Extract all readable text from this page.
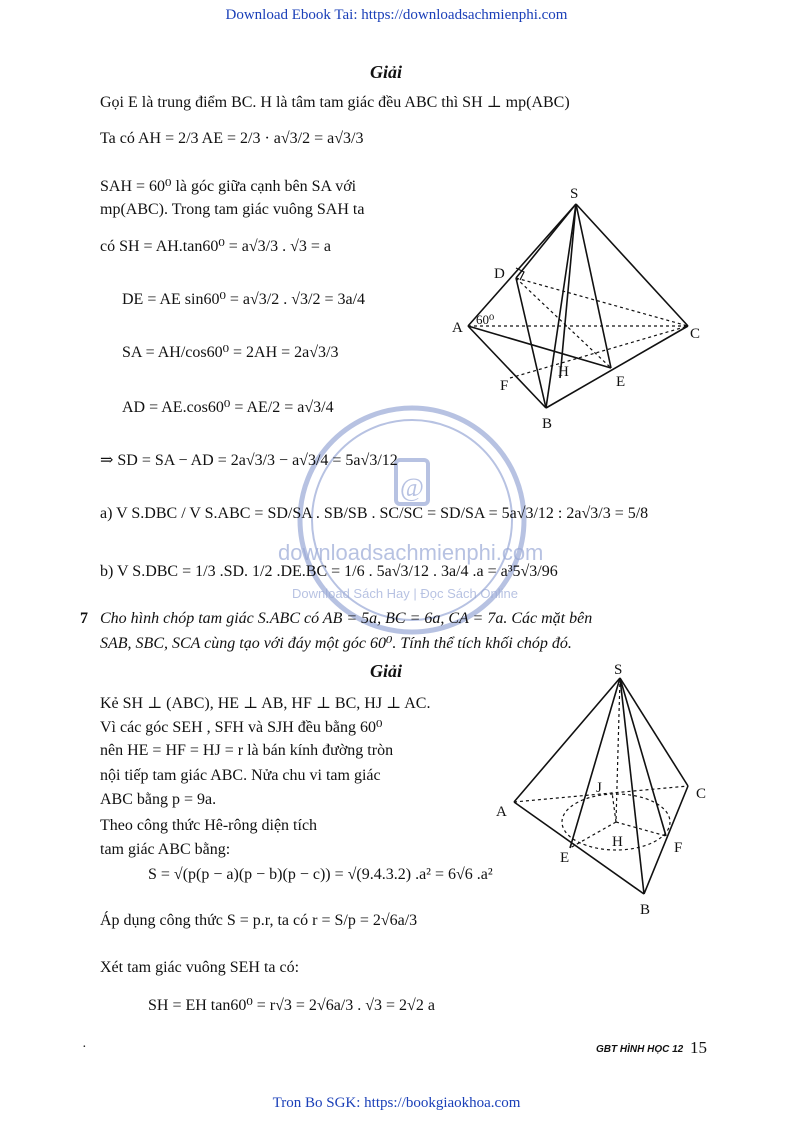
Download Ebook Tai: https://downloadsachmienphi.com
@
downloadsachmienphi.com
Download Sách Hay | Đọc Sách Online
Giải
Gọi E là trung điểm BC. H là tâm tam giác đều ABC thì SH ⊥ mp(ABC)
Ta có AH = 2/3 AE = 2/3 · a√3/2 = a√3/3
SAH = 60⁰ là góc giữa cạnh bên SA với
mp(ABC). Trong tam giác vuông SAH ta
có SH = AH.tan60⁰ = a√3/3 . √3 = a
DE = AE sin60⁰ = a√3/2 . √3/2 = 3a/4
SA = AH/cos60⁰ = 2AH = 2a√3/3
AD = AE.cos60⁰ = AE/2 = a√3/4
⇒ SD = SA − AD = 2a√3/3 − a√3/4 = 5a√3/12
a) V S.DBC / V S.ABC = SD/SA . SB/SB . SC/SC = SD/SA = 5a√3/12 : 2a√3/3 = 5/8
b) V S.DBC = 1/3 .SD. 1/2 .DE.BC = 1/6 . 5a√3/12 . 3a/4 .a = a³5√3/96
S
D
A
60⁰
C
F
H
E
B
7 Cho hình chóp tam giác S.ABC có AB = 5a, BC = 6a, CA = 7a. Các mặt bên
SAB, SBC, SCA cùng tạo với đáy một góc 60⁰. Tính thể tích khối chóp đó.
Giải
Kẻ SH ⊥ (ABC), HE ⊥ AB, HF ⊥ BC, HJ ⊥ AC.
Vì các góc SEH , SFH và SJH đều bằng 60⁰
nên HE = HF = HJ = r là bán kính đường tròn
nội tiếp tam giác ABC. Nửa chu vi tam giác
ABC bằng p = 9a.
Theo công thức Hê-rông diện tích
tam giác ABC bằng:
S = √(p(p − a)(p − b)(p − c)) = √(9.4.3.2) .a² = 6√6 .a²
Áp dụng công thức S = p.r, ta có r = S/p = 2√6a/3
Xét tam giác vuông SEH ta có:
SH = EH tan60⁰ = r√3 = 2√6a/3 . √3 = 2√2 a
S
C
A
J
H
E
F
B
·	GBT HÌNH HỌC 12 15
Tron Bo SGK: https://bookgiaokhoa.com
